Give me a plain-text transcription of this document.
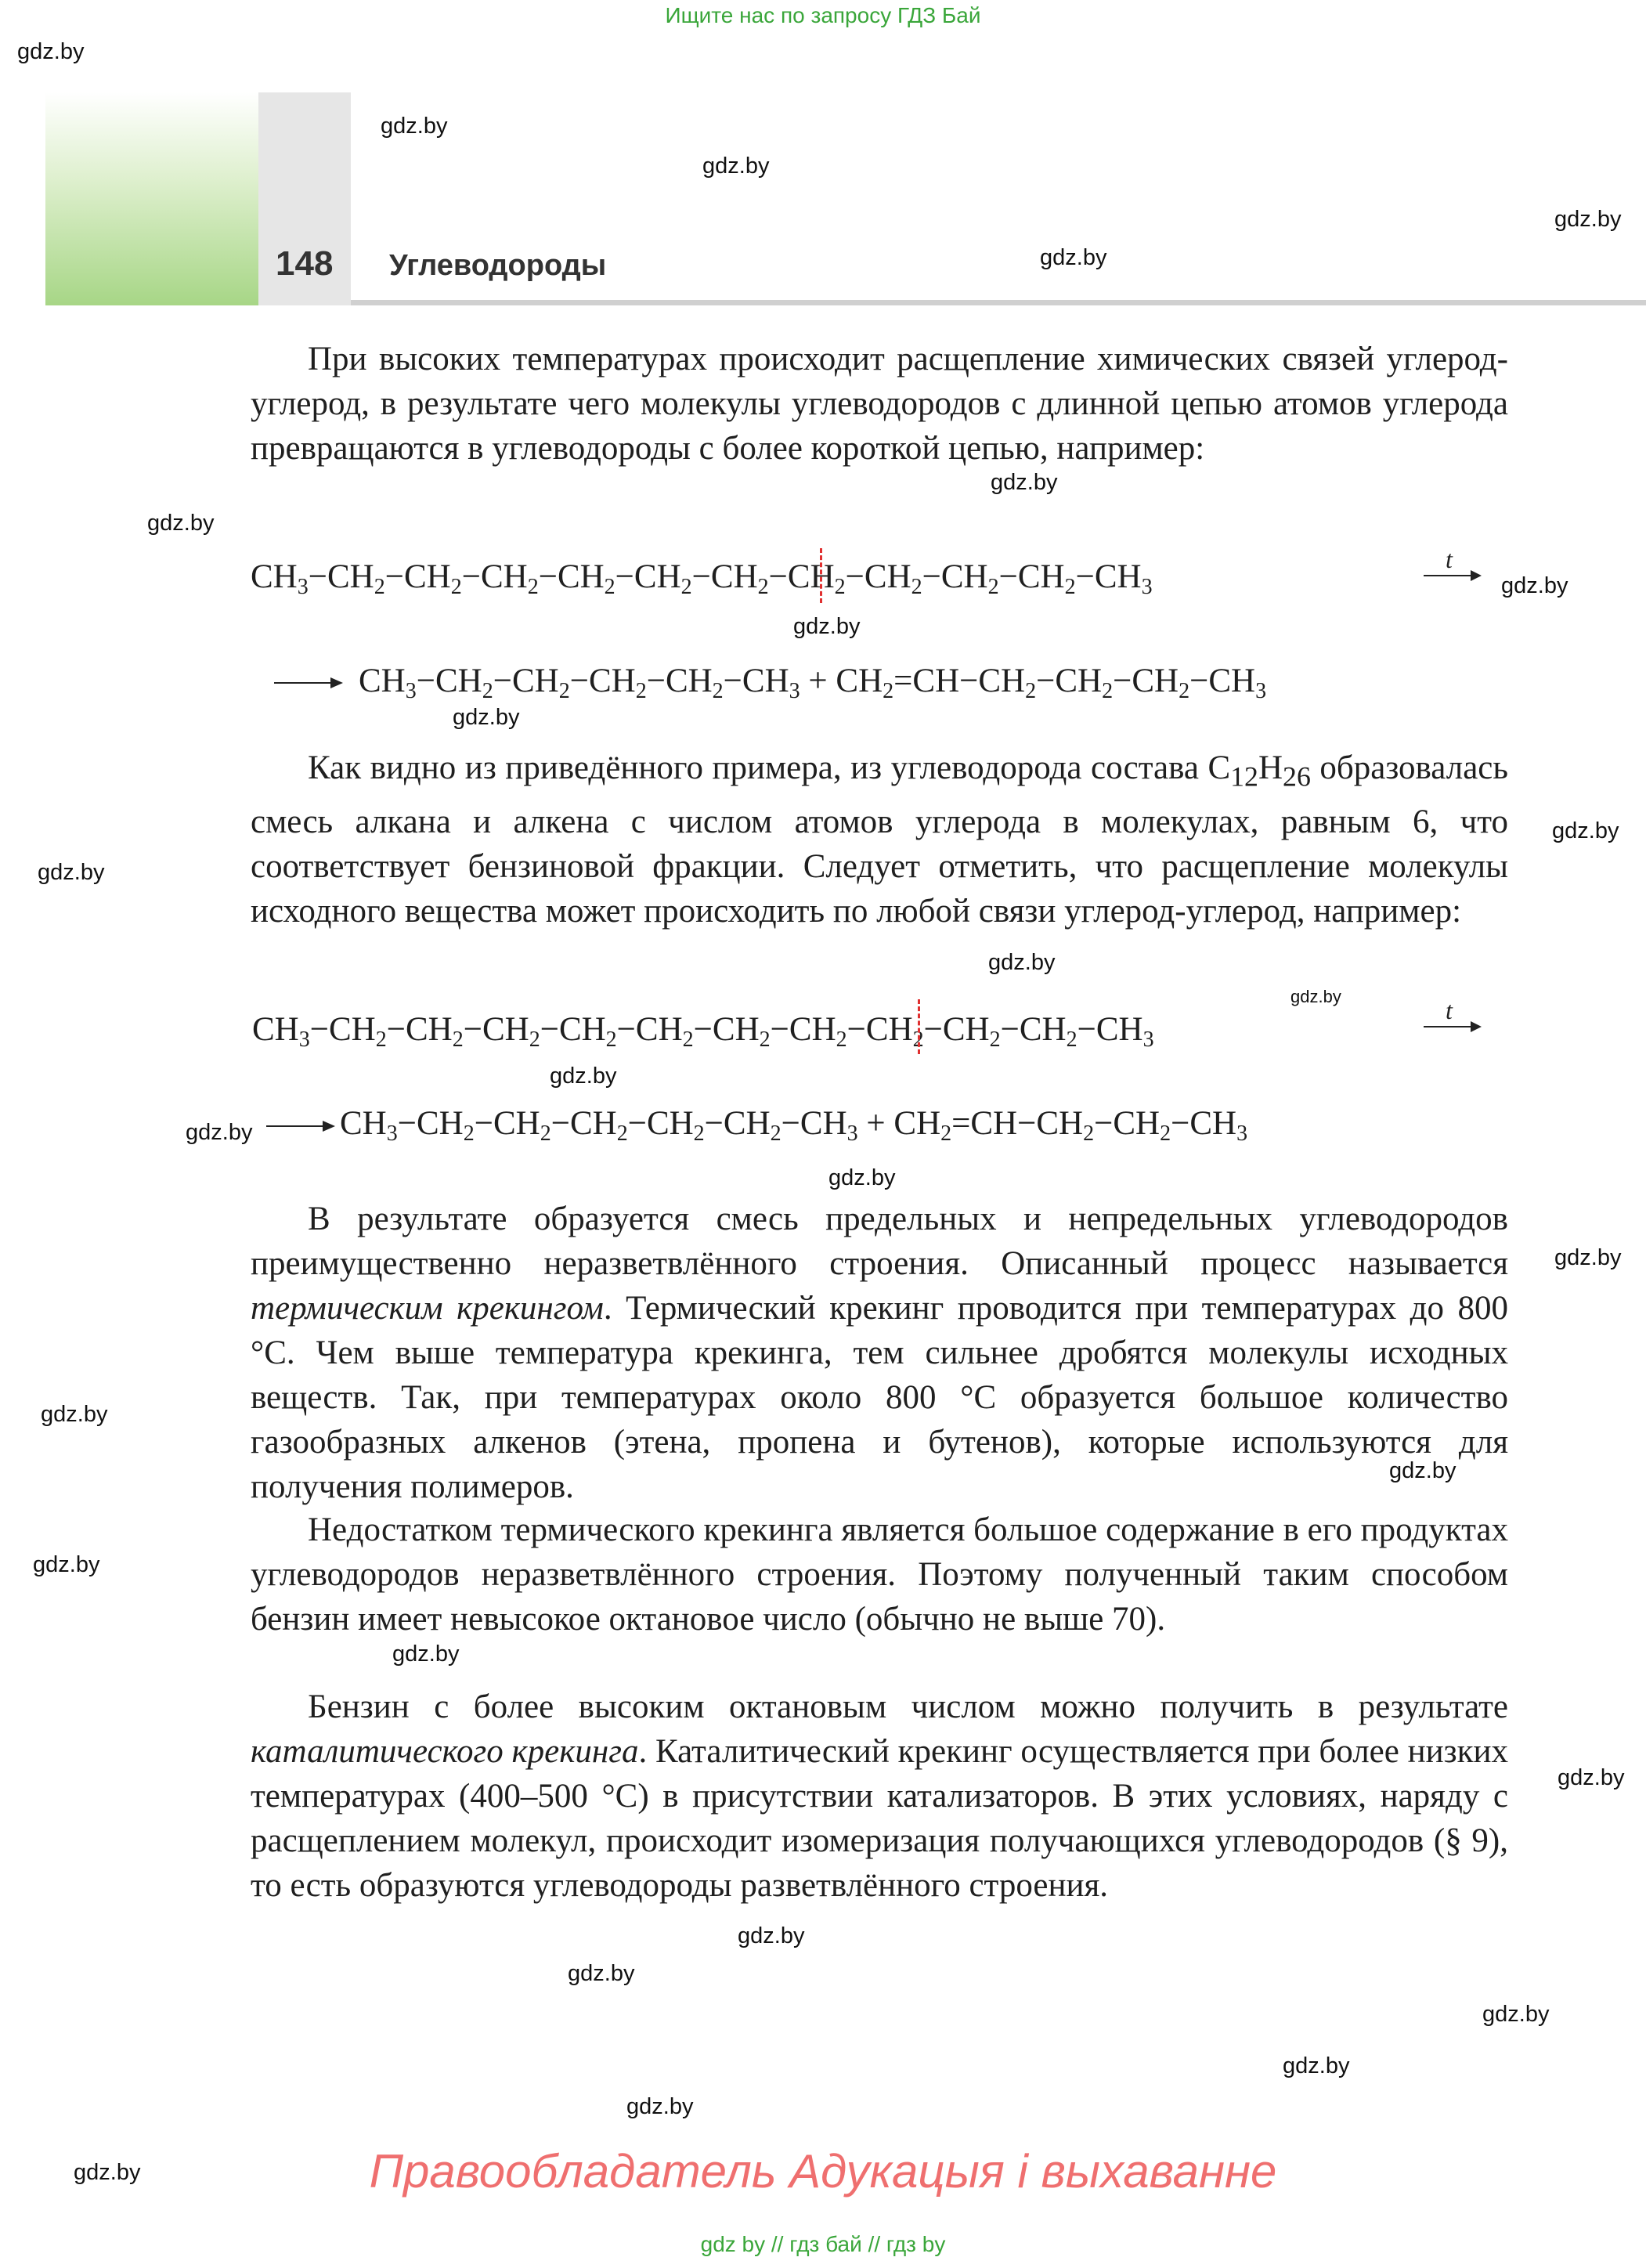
Ищите нас по запросу ГДЗ Бай
148 Углеводороды
При высоких температурах происходит расщепление химических связей углерод-углерод, в результате чего молекулы углеводородов с длинной цепью атомов углерода превращаются в углеводороды с более короткой цепью, например:
$CH_3-CH_2-CH_2-CH_2-CH_2-CH_2-CH_2-CH_2-CH_2-CH_2-CH_2-CH_3$
t
$CH_3-CH_2-CH_2-CH_2-CH_2-CH_3 + CH_2=CH-CH_2-CH_2-CH_2-CH_3$
Как видно из приведённого примера, из углеводорода состава $C_{12}H_{26}$ образовалась смесь алкана и алкена с числом атомов углерода в молекулах, равным 6, что соответствует бензиновой фракции. Следует отметить, что расщепление молекулы исходного вещества может происходить по любой связи углерод-углерод, например:
$CH_3-CH_2-CH_2-CH_2-CH_2-CH_2-CH_2-CH_2-CH_2-CH_2-CH_2-CH_3$
t
$CH_3-CH_2-CH_2-CH_2-CH_2-CH_2-CH_3 + CH_2=CH-CH_2-CH_2-CH_3$
В результате образуется смесь предельных и непредельных углеводородов преимущественно неразветвлённого строения. Описанный процесс называется термическим крекингом. Термический крекинг проводится при температурах до 800 °С. Чем выше температура крекинга, тем сильнее дробятся молекулы исходных веществ. Так, при температурах около 800 °С образуется большое количество газообразных алкенов (этена, пропена и бутенов), которые используются для получения полимеров.
Недостатком термического крекинга является большое содержание в его продуктах углеводородов неразветвлённого строения. Поэтому полученный таким способом бензин имеет невысокое октановое число (обычно не выше 70).
Бензин с более высоким октановым числом можно получить в результате каталитического крекинга. Каталитический крекинг осуществляется при более низких температурах (400–500 °С) в присутствии катализаторов. В этих условиях, наряду с расщеплением молекул, происходит изомеризация получающихся углеводородов (§ 9), то есть образуются углеводороды разветвлённого строения.
gdz.by
gdz.by
gdz.by
gdz.by
gdz.by
gdz.by
gdz.by
gdz.by
gdz.by
gdz.by
gdz.by
gdz.by
gdz.by
gdz.by
gdz.by
gdz.by
gdz.by
gdz.by
gdz.by
gdz.by
gdz.by
gdz.by
gdz.by
gdz.by
gdz.by
gdz.by
gdz.by
gdz.by
gdz.by	Правообладатель Адукацыя і выхаванне
gdz by // гдз бай // гдз by
